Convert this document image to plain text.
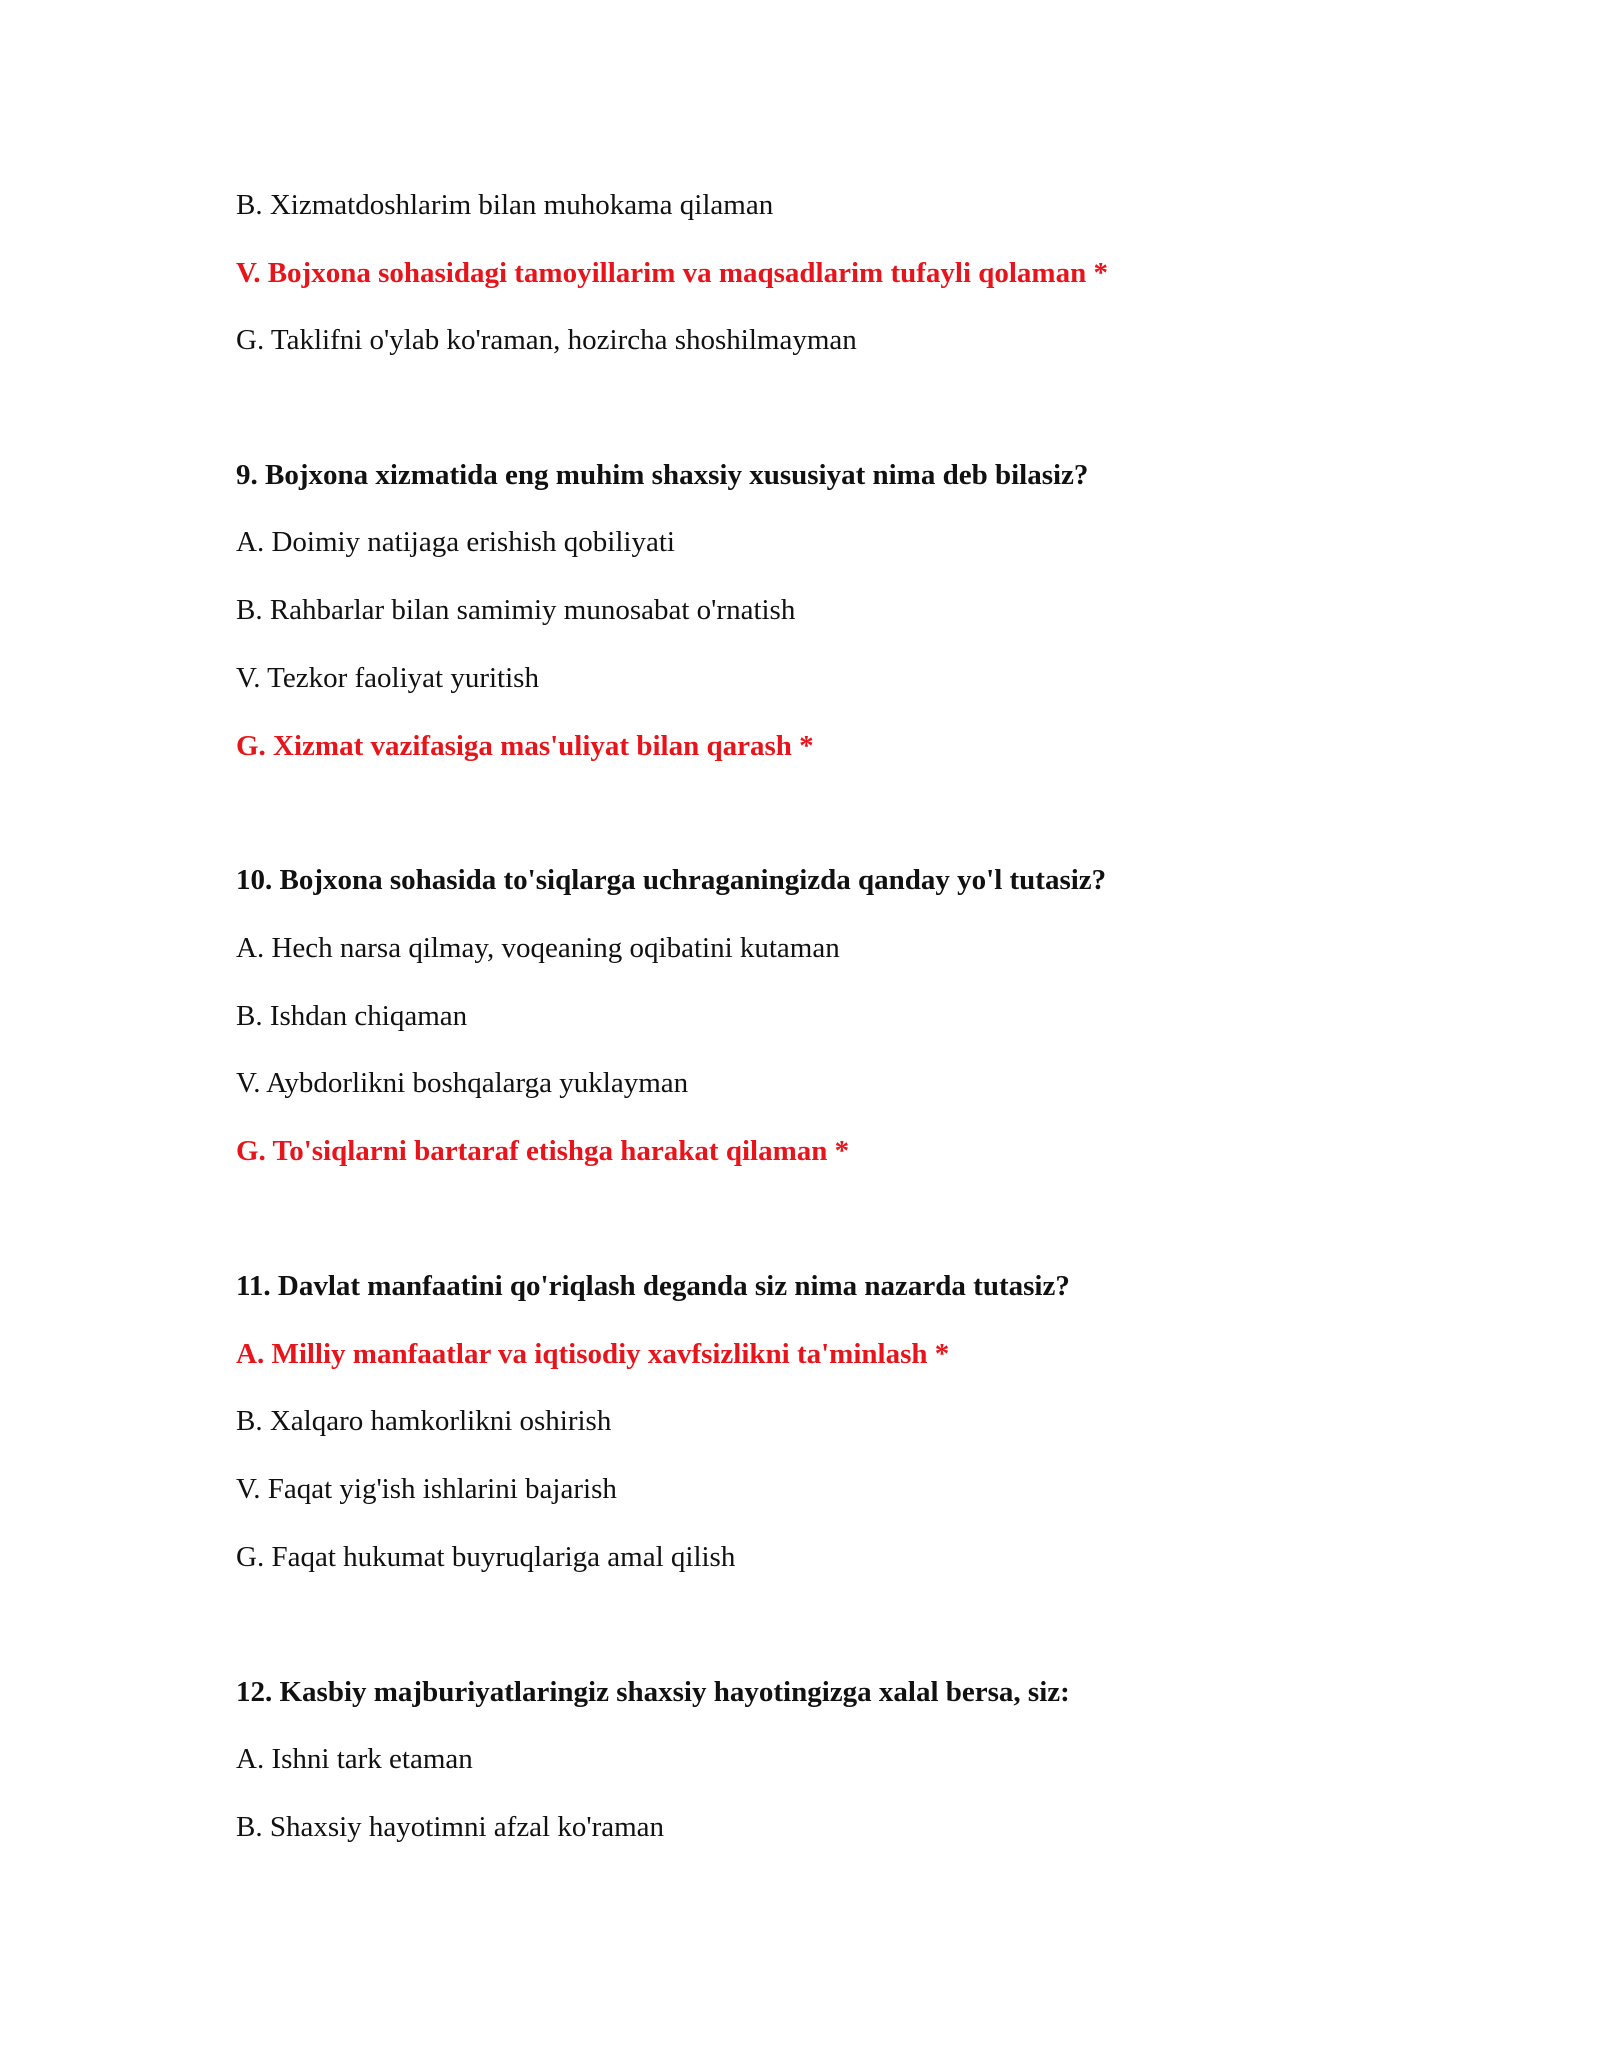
B. Xizmatdoshlarim bilan muhokama qilaman
V. Bojxona sohasidagi tamoyillarim va maqsadlarim tufayli qolaman *
G. Taklifni o'ylab ko'raman, hozircha shoshilmayman
9. Bojxona xizmatida eng muhim shaxsiy xususiyat nima deb bilasiz?
A. Doimiy natijaga erishish qobiliyati
B. Rahbarlar bilan samimiy munosabat o'rnatish
V. Tezkor faoliyat yuritish
G. Xizmat vazifasiga mas'uliyat bilan qarash *
10. Bojxona sohasida to'siqlarga uchraganingizda qanday yo'l tutasiz?
A. Hech narsa qilmay, voqeaning oqibatini kutaman
B. Ishdan chiqaman
V. Aybdorlikni boshqalarga yuklayman
G. To'siqlarni bartaraf etishga harakat qilaman *
11. Davlat manfaatini qo'riqlash deganda siz nima nazarda tutasiz?
A. Milliy manfaatlar va iqtisodiy xavfsizlikni ta'minlash *
B. Xalqaro hamkorlikni oshirish
V. Faqat yig'ish ishlarini bajarish
G. Faqat hukumat buyruqlariga amal qilish
12. Kasbiy majburiyatlaringiz shaxsiy hayotingizga xalal bersa, siz:
A. Ishni tark etaman
B. Shaxsiy hayotimni afzal ko'raman
